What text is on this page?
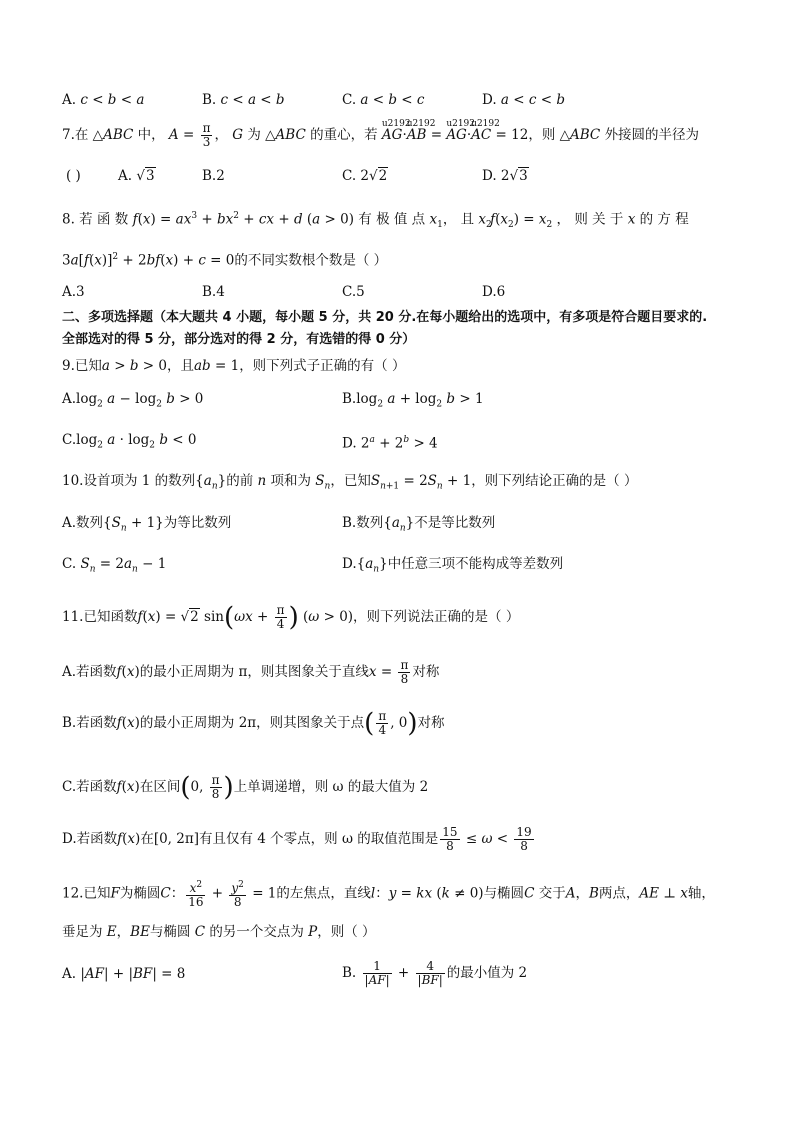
A. c < b < a	B. c < a < b	C. a < b < c	D. a < c < b
7.在 △ABC 中， $A = \frac{\pi}{3}$ ， G 为 △ABC 的重心，若 u2192 AG·u2192 AB = u2192 AG·u2192 AC = 12，则 △ABC 外接圆的半径为
( )	A. √3	B.2	C. 2√2	D. 2√3
8. 若 函 数 $f(x) = ax^3 + bx^2$ + cx + d (a > 0) 有 极 值 点 $x_1$， 且 $x_2$ $f(x_2) = x_2$ ， 则 关 于 x 的 方 程
$3a[f(x)]^2 + 2bf(x) + c = 0$的不同实数根个数是（ ）
A.3	B.4	C.5	D.6
二、多项选择题（本大题共 4 小题，每小题 5 分，共 20 分.在每小题给出的选项中，有多项是符合题目要求的.
全部选对的得 5 分，部分选对的得 2 分，有选错的得 0 分）
9.已知a > b > 0，且ab = 1，则下列式子正确的有（ ）
$A.\log_2$ $a - \log_2 b > 0$	$B.\log_2$ $a + \log_2 b > 1$
$C.\log_2$ $a \cdot \log_2 b < 0$	D. $2^a + 2^b > 4$
10.设首项为 1 的数列$\{a_n\}$的前 n 项和为 $S_n$，已知$S_{n+1} = 2S_n + 1$，则下列结论正确的是（ ）
A.数列$\{S_n + 1\}$为等比数列	B.数列$\{a_n\}$不是等比数列
C. $S_n = 2a_n - 1$	$D.\{a_n\}$中任意三项不能构成等差数列
11.已知函数f(x) = √2 $\sin(\omega x + \frac{\pi}{4}$ ) (ω > 0)，则下列说法正确的是（ ）
A.若函数f(x)的最小正周期为 π，则其图象关于直线$x = \frac{\pi}{8}$ 对称
B.若函数f(x)的最小正周期为 2π，则其图象关于点( $\frac{\pi}{4}$ , 0)对称
C.若函数f(x)在区间(0, $\frac{\pi}{8}$ )上单调递增，则 ω 的最大值为 2
D.若函数f(x)在[0, 2π]有且仅有 4 个零点，则 ω 的取值范围是 $\frac{15}{8} \le \omega < \frac{19}{8}$
12.已知F为椭圆C： $\frac{x^2}{16} + \frac{y^2}{8} = 1$的左焦点，直线l：y = kx (k ≠ 0)与椭圆C 交于A，B两点，AE ⊥ x轴，
垂足为 E，BE与椭圆 C 的另一个交点为 P，则（ ）
A. |AF| + |BF| = 8	B. $\frac{1}{|AF|} + \frac{4}{|BF|}$ 的最小值为 2
